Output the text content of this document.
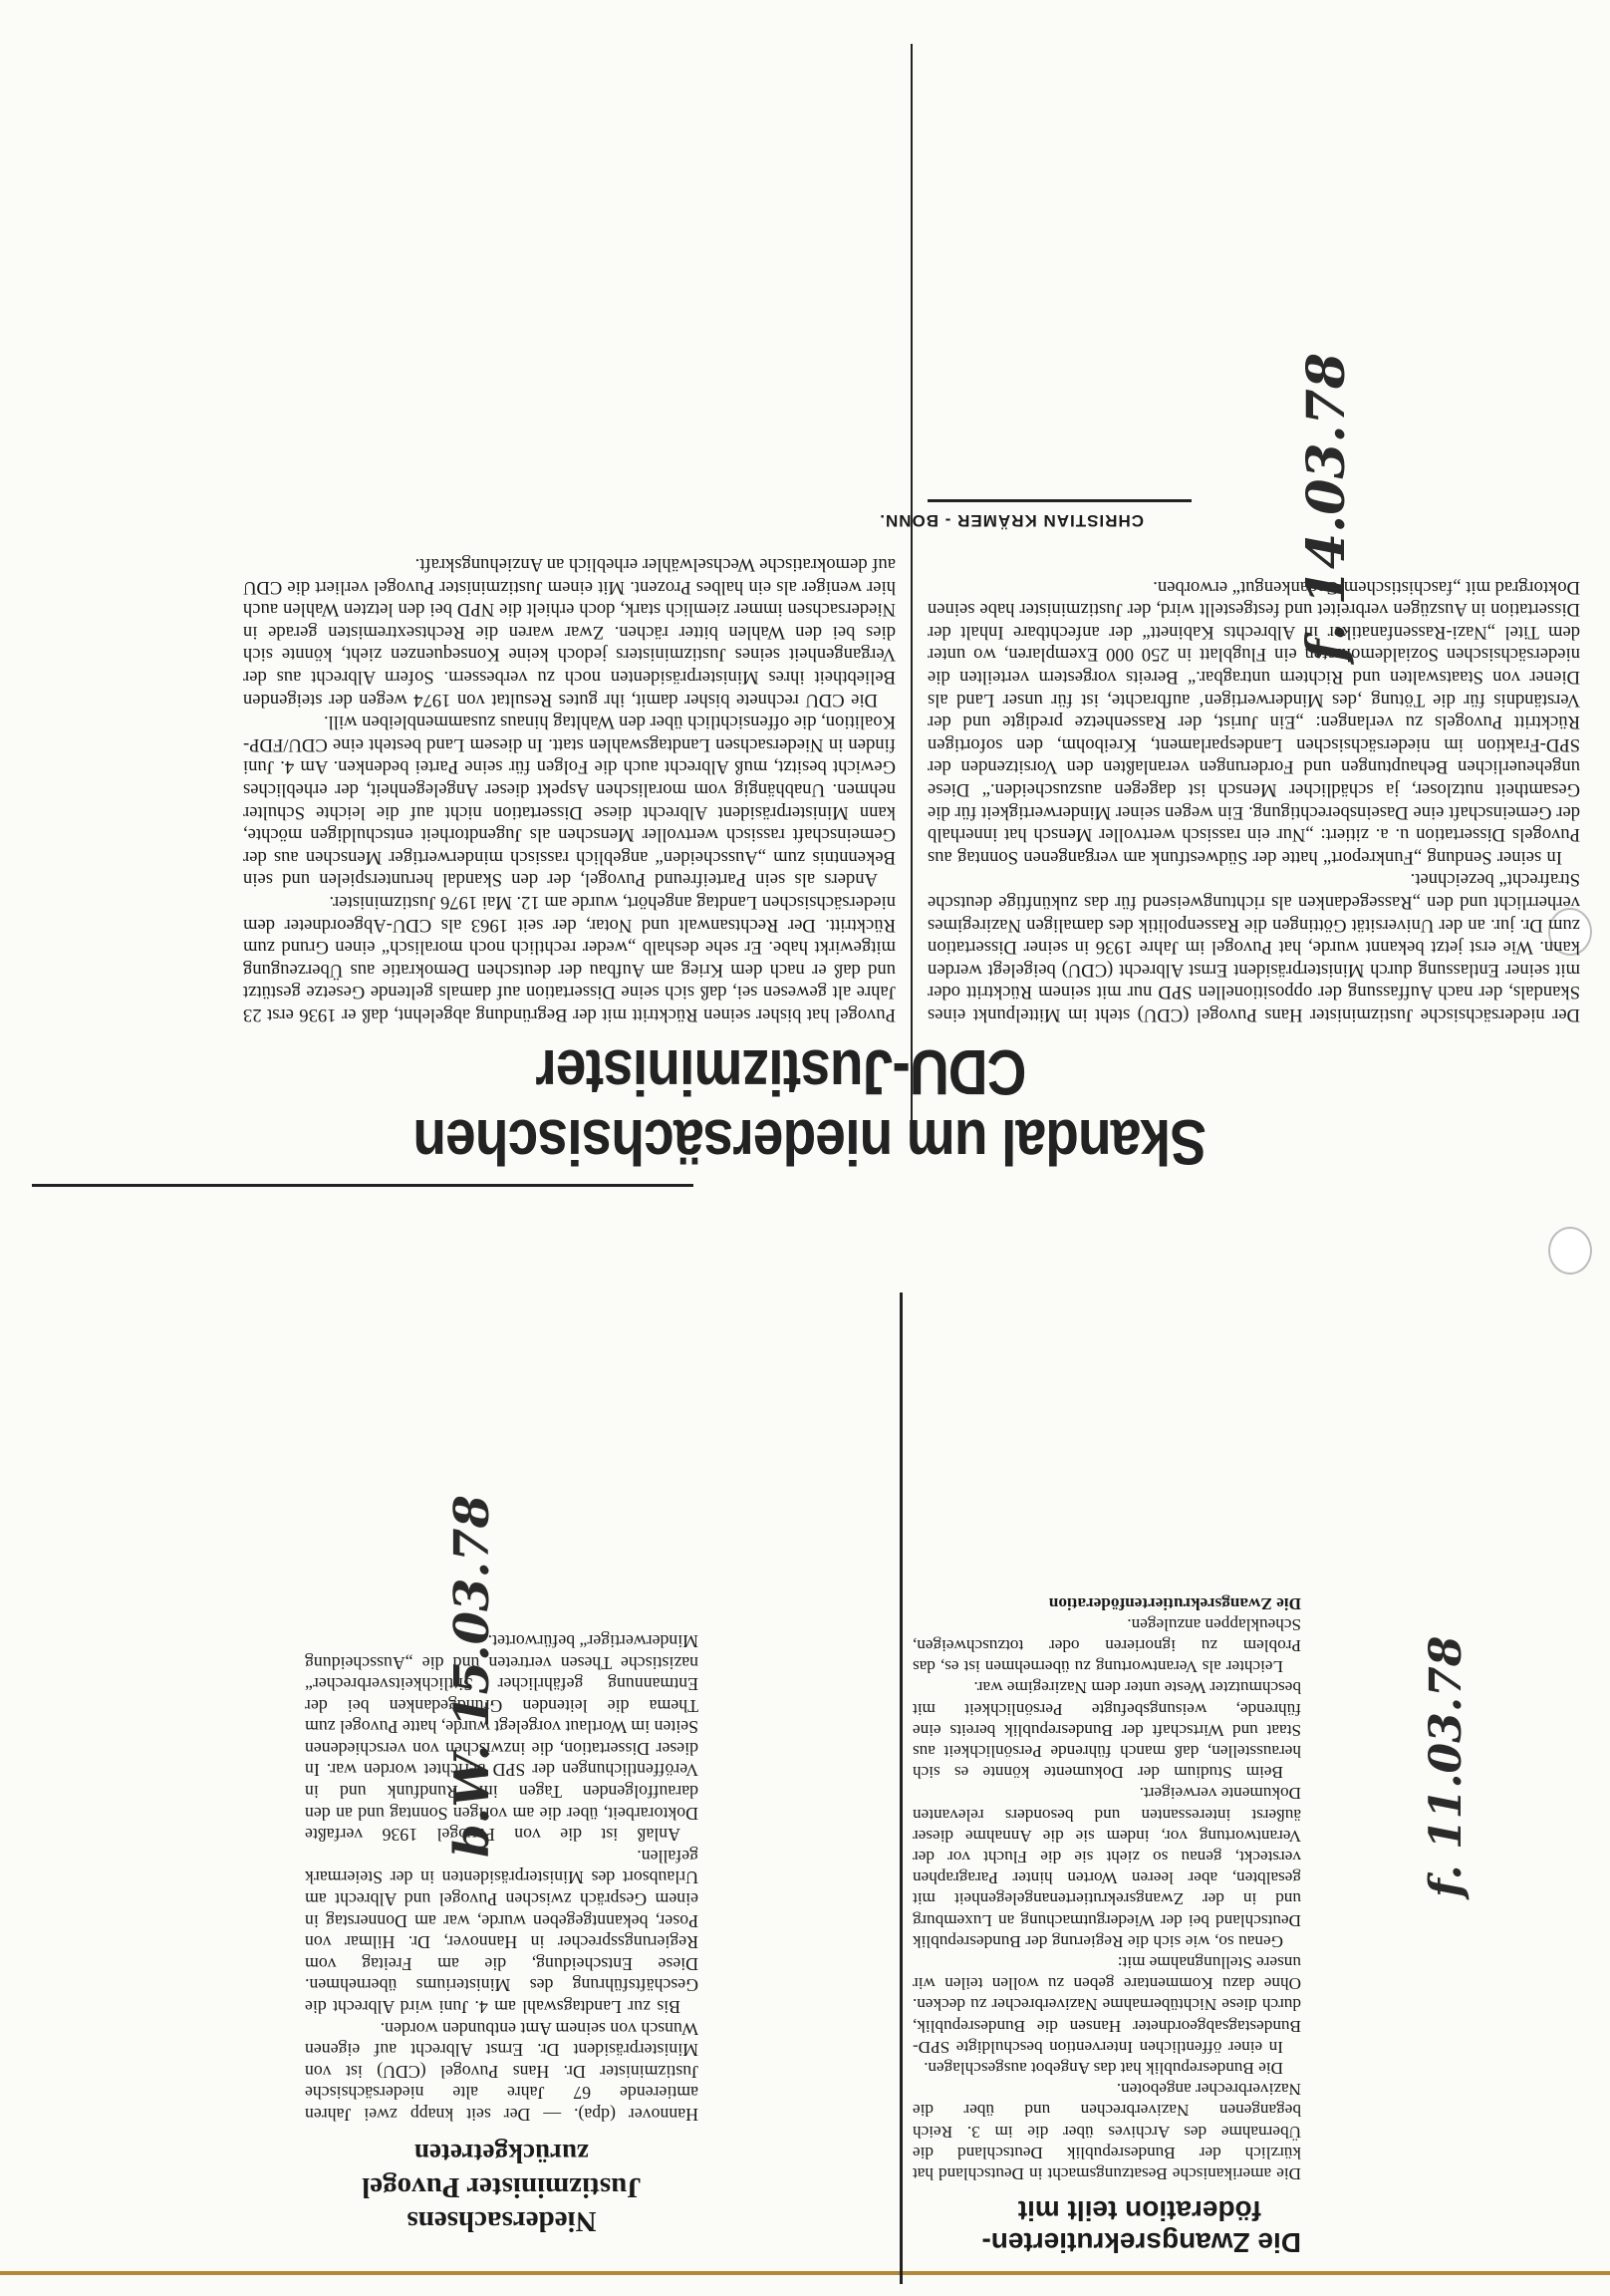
Skandal um niedersächsischen
CDU-Justizminister

Der niedersächsische Justizminister Hans Puvogel (CDU) steht im Mittelpunkt eines Skandals, der nach Auffassung der oppositionellen SPD nur mit seinem Rücktritt oder mit seiner Entlassung durch Ministerpräsident Ernst Albrecht (CDU) beigelegt werden kann. Wie erst jetzt bekannt wurde, hat Puvogel im Jahre 1936 in seiner Dissertation zum Dr. jur. an der Universität Göttingen die Rassenpolitik des damaligen Naziregimes verherrlicht und den „Rassegedanken als richtungweisend für das zukünftige deutsche Strafrecht“ bezeichnet.

In seiner Sendung „Funkreport“ hatte der Südwestfunk am vergangenen Sonntag aus Puvogels Dissertation u. a. zitiert: „Nur ein rassisch wertvoller Mensch hat innerhalb der Gemeinschaft eine Daseinsberechtigung. Ein wegen seiner Minderwertigkeit für die Gesamtheit nutzloser, ja schädlicher Mensch ist dagegen auszuscheiden.“ Diese ungeheuerlichen Behauptungen und Forderungen veranlaßten den Vorsitzenden der SPD-Fraktion im niedersächsischen Landesparlament, Kreibohm, den sofortigen Rücktritt Puvogels zu verlangen: „Ein Jurist, der Rassenhetze predigte und der Verständnis für die Tötung ‚des Minderwertigen‘ aufbrachte, ist für unser Land als Diener von Staatswalten und Richtern untragbar.“ Bereits vorgestern verteilten die niedersächsischen Sozialdemokraten ein Flugblatt in 250 000 Exemplaren, wo unter dem Titel „Nazi-Rassenfanatiker in Albrechts Kabinett“ der anfechtbare Inhalt der Dissertation in Auszügen verbreitet und festgestellt wird, der Justizminister habe seinen Doktorgrad mit „faschistischem Gedankengut“ erworben.

CHRISTIAN KRÄMER - BONN.

Puvogel hat bisher seinen Rücktritt mit der Begründung abgelehnt, daß er 1936 erst 23 Jahre alt gewesen sei, daß sich seine Dissertation auf damals geltende Gesetze gestützt und daß er nach dem Krieg am Aufbau der deutschen Demokratie aus Überzeugung mitgewirkt habe. Er sehe deshalb „weder rechtlich noch moralisch“ einen Grund zum Rücktritt. Der Rechtsanwalt und Notar, der seit 1963 als CDU-Abgeordneter dem niedersächsischen Landtag angehört, wurde am 12. Mai 1976 Justizminister.

Anders als sein Parteifreund Puvogel, der den Skandal herunterspielen und sein Bekenntnis zum „Ausscheiden“ angeblich rassisch minderwertiger Menschen aus der Gemeinschaft rassisch wertvoller Menschen als Jugendtorheit entschuldigen möchte, kann Ministerpräsident Albrecht diese Dissertation nicht auf die leichte Schulter nehmen. Unabhängig vom moralischen Aspekt dieser Angelegenheit, der erhebliches Gewicht besitzt, muß Albrecht auch die Folgen für seine Partei bedenken. Am 4. Juni finden in Niedersachsen Landtagswahlen statt. In diesem Land besteht eine CDU/FDP-Koalition, die offensichtlich über den Wahltag hinaus zusammenbleiben will.

Die CDU rechnete bisher damit, ihr gutes Resultat von 1974 wegen der steigenden Beliebtheit ihres Ministerpräsidenten noch zu verbessern. Sofern Albrecht aus der Vergangenheit seines Justizministers jedoch keine Konsequenzen zieht, könnte sich dies bei den Wahlen bitter rächen. Zwar waren die Rechtsextremisten gerade in Niedersachsen immer ziemlich stark, doch erhielt die NPD bei den letzten Wahlen auch hier weniger als ein halbes Prozent. Mit einem Justizminister Puvogel verliert die CDU auf demokratische Wechselwähler erheblich an Anziehungskraft.

Die Zwangsrekrutierten-
föderation teilt mit

Die amerikanische Besatzungsmacht in Deutschland hat kürzlich der Bundesrepublik Deutschland die Übernahme des Archives über die im 3. Reich begangenen Naziverbrechen und über die Naziverbrecher angeboten.

Die Bundesrepublik hat das Angebot ausgeschlagen.

In einer öffentlichen Intervention beschuldigte SPD-Bundestagsabgeordneter Hansen die Bundesrepublik, durch diese Nichtübernahme Naziverbrecher zu decken. Ohne dazu Kommentare geben zu wollen teilen wir unsere Stellungnahme mit:

Genau so, wie sich die Regierung der Bundesrepublik Deutschland bei der Wiedergutmachung an Luxemburg und in der Zwangsrekrutiertenangelegenheit mit gesalbten, aber leeren Worten hinter Paragraphen versteckt, genau so zieht sie die Flucht vor der Verantwortung vor, indem sie die Annahme dieser äußerst interessanten und besonders relevanten Dokumente verweigert.

Beim Studium der Dokumente könnte es sich herausstellen, daß manch führende Persönlichkeit aus Staat und Wirtschaft der Bundesrepublik bereits eine führende, weisungsbefugte Persönlichkeit mit beschmutzter Weste unter dem Naziregime war.

Leichter als Verantwortung zu übernehmen ist es, das Problem zu ignorieren oder totzuschweigen, Scheuklappen anzulegen.

Die Zwangsrekrutiertenföderation

Niedersachsens
Justizminister Puvogel
zurückgetreten

Hannover (dpa). — Der seit knapp zwei Jahren amtierende 67 Jahre alte niedersächsische Justizminister Dr. Hans Puvogel (CDU) ist von Ministerpräsident Dr. Ernst Albrecht auf eigenen Wunsch von seinem Amt entbunden worden.

Bis zur Landtagswahl am 4. Juni wird Albrecht die Geschäftsführung des Ministeriums übernehmen. Diese Entscheidung, die am Freitag vom Regierungssprecher in Hannover, Dr. Hilmar von Poser, bekanntgegeben wurde, war am Donnerstag in einem Gespräch zwischen Puvogel und Albrecht am Urlaubsort des Ministerpräsidenten in der Steiermark gefallen.

Anlaß ist die von Puvogel 1936 verfaßte Doktorarbeit, über die am vorigen Sonntag und an den darauffolgenden Tagen im Rundfunk und in Veröffentlichungen der SPD berichtet worden war. In dieser Dissertation, die inzwischen von verschiedenen Seiten im Wortlaut vorgelegt wurde, hatte Puvogel zum Thema die leitenden Grundgedanken bei der Entmannung gefährlicher Sittlichkeitsverbrecher“ nazistische Thesen vertreten und die „Ausscheidung Minderwertiger“ befürwortet.

b.W. 15.03.78	f. 11.03.78
f. 14.03.78
